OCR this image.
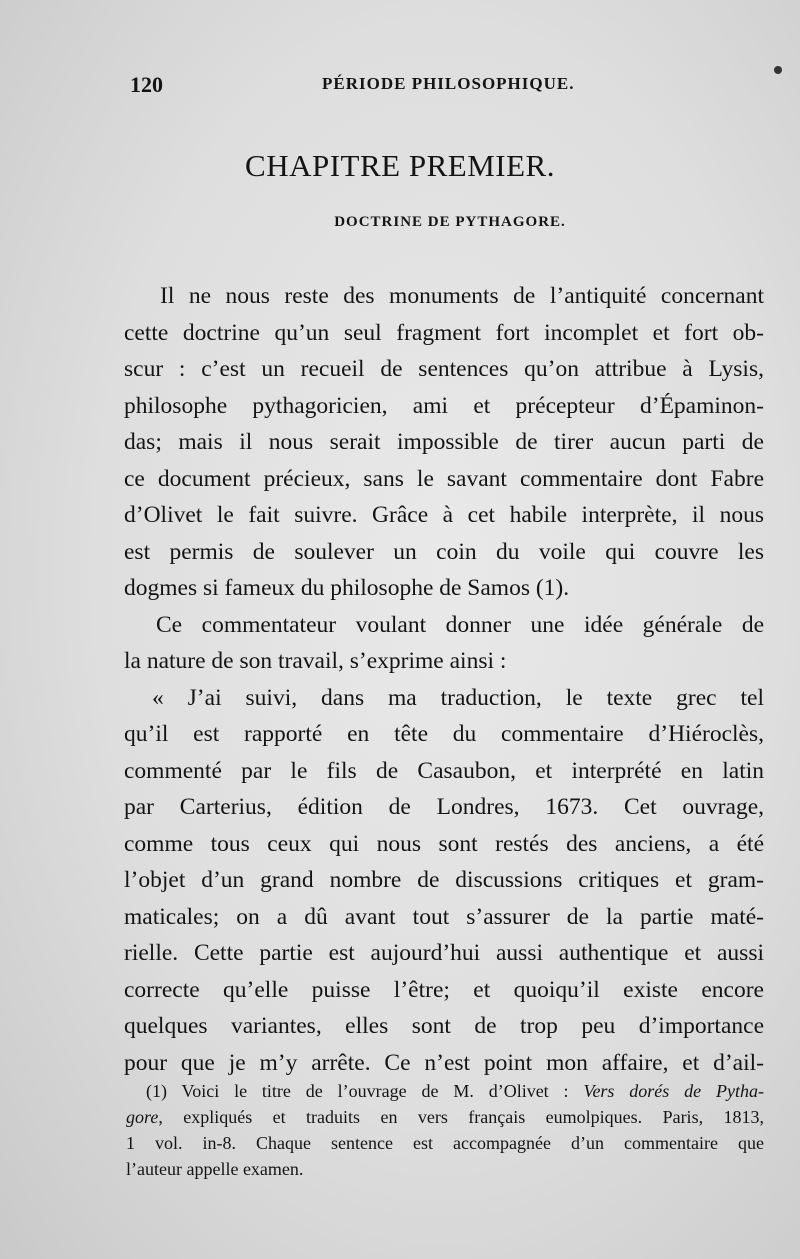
120	PÉRIODE PHILOSOPHIQUE.
CHAPITRE PREMIER.
DOCTRINE DE PYTHAGORE.
Il ne nous reste des monuments de l’antiquité concernant
cette doctrine qu’un seul fragment fort incomplet et fort ob-
scur : c’est un recueil de sentences qu’on attribue à Lysis,
philosophe pythagoricien, ami et précepteur d’Épaminon-
das; mais il nous serait impossible de tirer aucun parti de
ce document précieux, sans le savant commentaire dont Fabre
d’Olivet le fait suivre. Grâce à cet habile interprète, il nous
est permis de soulever un coin du voile qui couvre les
dogmes si fameux du philosophe de Samos (1).
Ce commentateur voulant donner une idée générale de
la nature de son travail, s’exprime ainsi :
« J’ai suivi, dans ma traduction, le texte grec tel
qu’il est rapporté en tête du commentaire d’Hiéroclès,
commenté par le fils de Casaubon, et interprété en latin
par Carterius, édition de Londres, 1673. Cet ouvrage,
comme tous ceux qui nous sont restés des anciens, a été
l’objet d’un grand nombre de discussions critiques et gram-
maticales; on a dû avant tout s’assurer de la partie maté-
rielle. Cette partie est aujourd’hui aussi authentique et aussi
correcte qu’elle puisse l’être; et quoiqu’il existe encore
quelques variantes, elles sont de trop peu d’importance
pour que je m’y arrête. Ce n’est point mon affaire, et d’ail-
(1) Voici le titre de l’ouvrage de M. d’Olivet : Vers dorés de Pytha-
gore, expliqués et traduits en vers français eumolpiques. Paris, 1813,
1 vol. in-8. Chaque sentence est accompagnée d’un commentaire que
l’auteur appelle examen.
